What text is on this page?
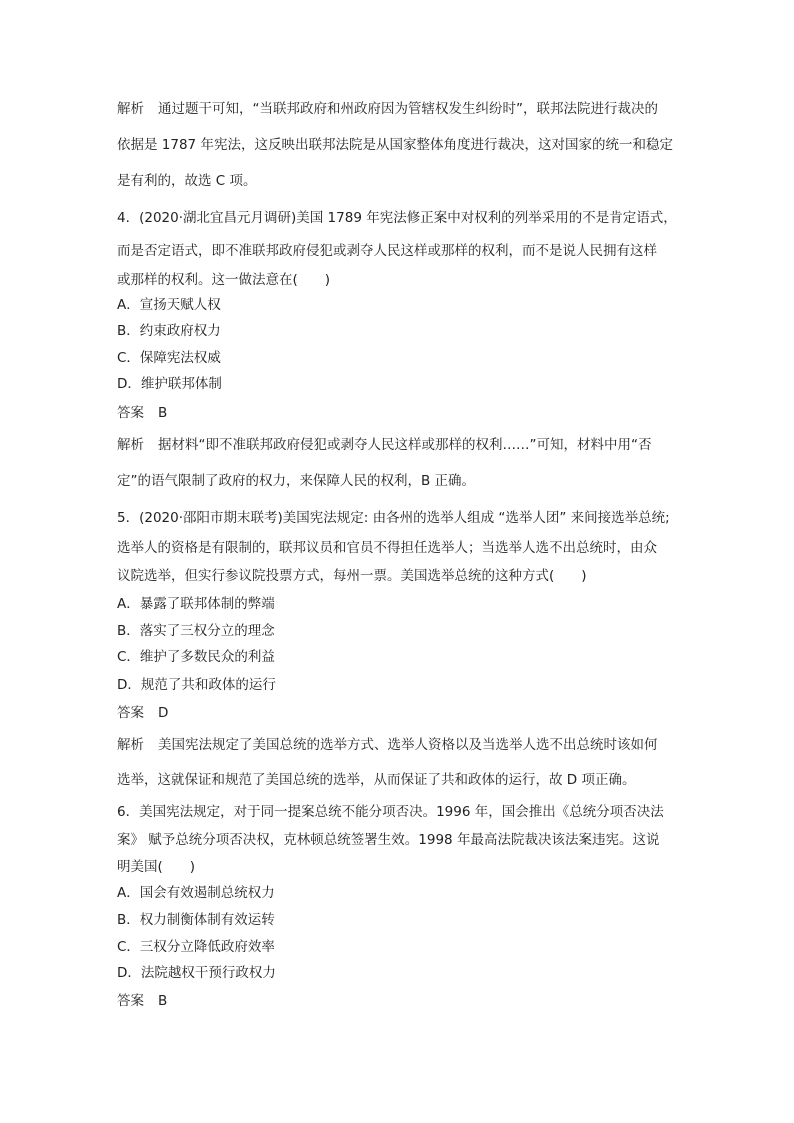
解析 通过题干可知，“当联邦政府和州政府因为管辖权发生纠纷时”，联邦法院进行裁决的
依据是 1787 年宪法，这反映出联邦法院是从国家整体角度进行裁决，这对国家的统一和稳定
是有利的，故选 C 项。
4．(2020·湖北宜昌元月调研)美国 1789 年宪法修正案中对权利的列举采用的不是肯定语式，
而是否定语式，即不准联邦政府侵犯或剥夺人民这样或那样的权利，而不是说人民拥有这样
或那样的权利。这一做法意在(　　)
A．宣扬天赋人权
B．约束政府权力
C．保障宪法权威
D．维护联邦体制
答案 B
解析 据材料“即不准联邦政府侵犯或剥夺人民这样或那样的权利……”可知，材料中用“否
定”的语气限制了政府的权力，来保障人民的权利，B 正确。
5．(2020·邵阳市期末联考)美国宪法规定: 由各州的选举人组成 “选举人团” 来间接选举总统;
选举人的资格是有限制的，联邦议员和官员不得担任选举人；当选举人选不出总统时，由众
议院选举，但实行参议院投票方式，每州一票。美国选举总统的这种方式(　　)
A．暴露了联邦体制的弊端
B．落实了三权分立的理念
C．维护了多数民众的利益
D．规范了共和政体的运行
答案 D
解析 美国宪法规定了美国总统的选举方式、选举人资格以及当选举人选不出总统时该如何
选举，这就保证和规范了美国总统的选举，从而保证了共和政体的运行，故 D 项正确。
6．美国宪法规定，对于同一提案总统不能分项否决。1996 年，国会推出《总统分项否决法
案》 赋予总统分项否决权，克林顿总统签署生效。1998 年最高法院裁决该法案违宪。这说
明美国(　　)
A．国会有效遏制总统权力
B．权力制衡体制有效运转
C．三权分立降低政府效率
D．法院越权干预行政权力
答案 B
